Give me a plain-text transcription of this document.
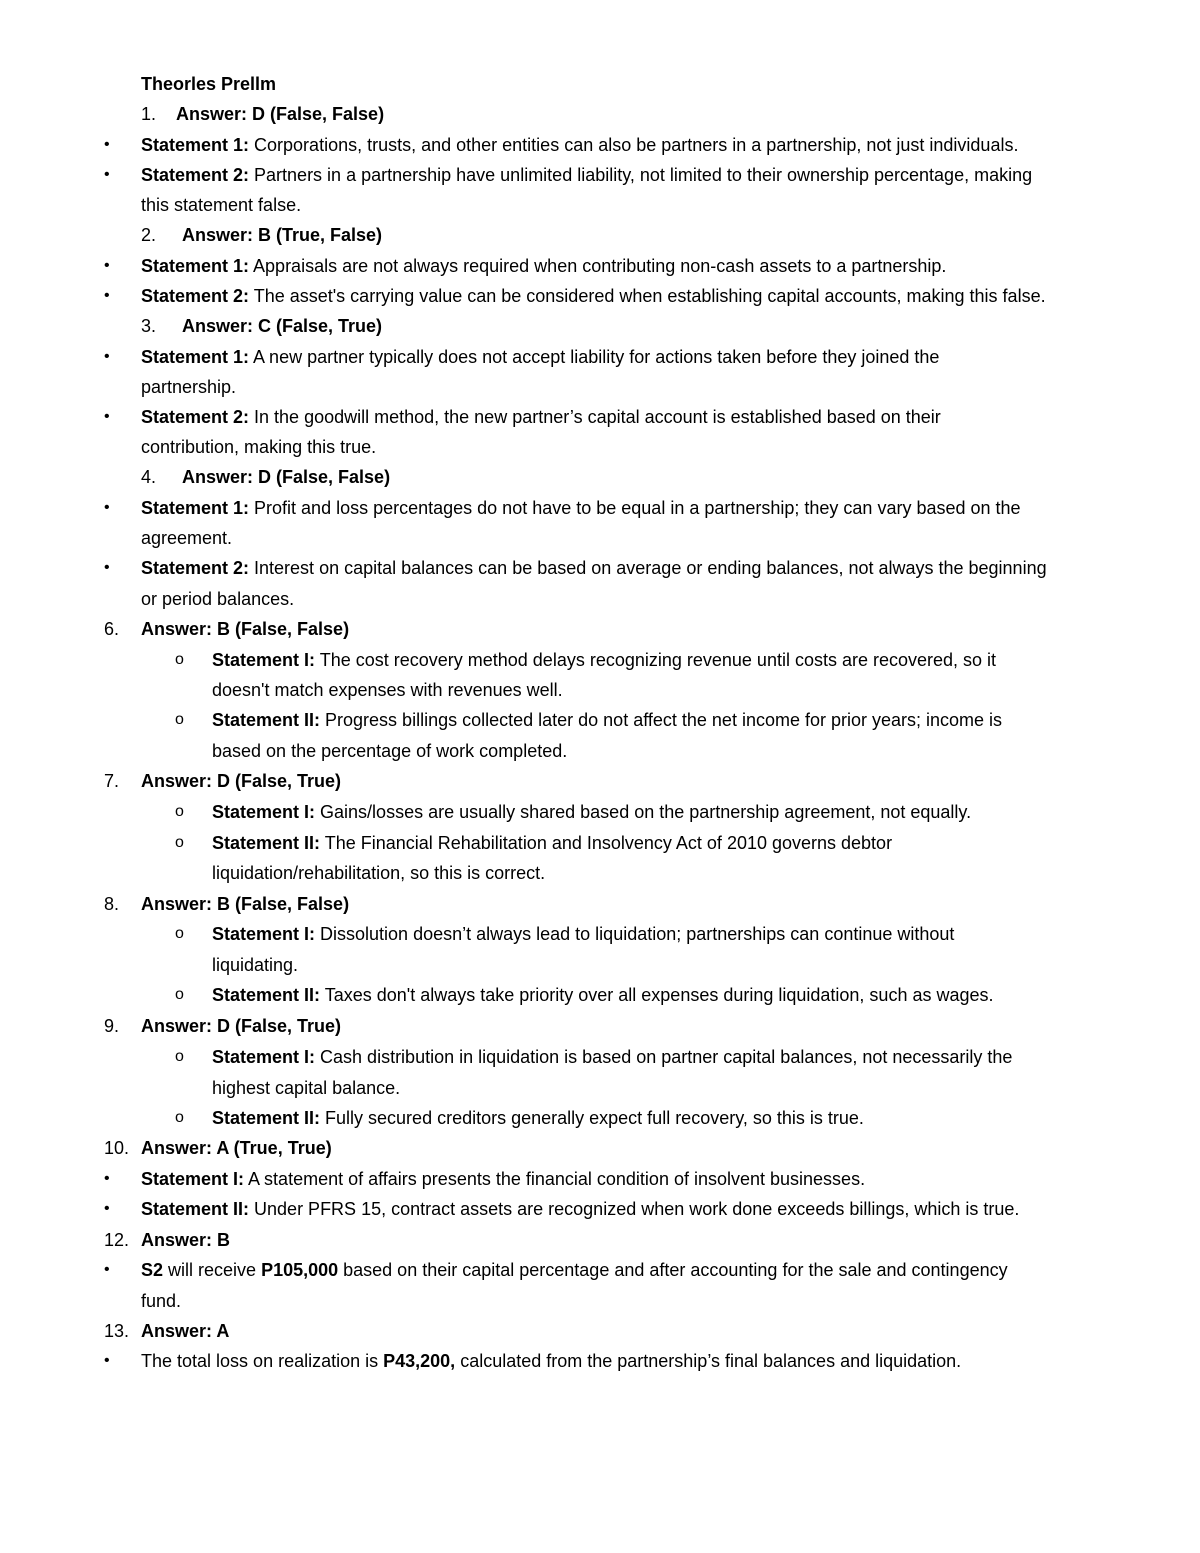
Theorles Prellm
1. Answer: D (False, False)
• Statement 1: Corporations, trusts, and other entities can also be partners in a partnership, not just individuals.
• Statement 2: Partners in a partnership have unlimited liability, not limited to their ownership percentage, making
this statement false.
2. Answer: B (True, False)
• Statement 1: Appraisals are not always required when contributing non-cash assets to a partnership.
• Statement 2: The asset's carrying value can be considered when establishing capital accounts, making this false.
3. Answer: C (False, True)
• Statement 1: A new partner typically does not accept liability for actions taken before they joined the
partnership.
• Statement 2: In the goodwill method, the new partner’s capital account is established based on their
contribution, making this true.
4. Answer: D (False, False)
• Statement 1: Profit and loss percentages do not have to be equal in a partnership; they can vary based on the
agreement.
• Statement 2: Interest on capital balances can be based on average or ending balances, not always the beginning
or period balances.
6. Answer: B (False, False)
o Statement I: The cost recovery method delays recognizing revenue until costs are recovered, so it
doesn't match expenses with revenues well.
o Statement II: Progress billings collected later do not affect the net income for prior years; income is
based on the percentage of work completed.
7. Answer: D (False, True)
o Statement I: Gains/losses are usually shared based on the partnership agreement, not equally.
o Statement II: The Financial Rehabilitation and Insolvency Act of 2010 governs debtor
liquidation/rehabilitation, so this is correct.
8. Answer: B (False, False)
o Statement I: Dissolution doesn’t always lead to liquidation; partnerships can continue without
liquidating.
o Statement II: Taxes don't always take priority over all expenses during liquidation, such as wages.
9. Answer: D (False, True)
o Statement I: Cash distribution in liquidation is based on partner capital balances, not necessarily the
highest capital balance.
o Statement II: Fully secured creditors generally expect full recovery, so this is true.
10. Answer: A (True, True)
• Statement I: A statement of affairs presents the financial condition of insolvent businesses.
• Statement II: Under PFRS 15, contract assets are recognized when work done exceeds billings, which is true.
12. Answer: B
• S2 will receive P105,000 based on their capital percentage and after accounting for the sale and contingency
fund.
13. Answer: A
• The total loss on realization is P43,200, calculated from the partnership’s final balances and liquidation.
